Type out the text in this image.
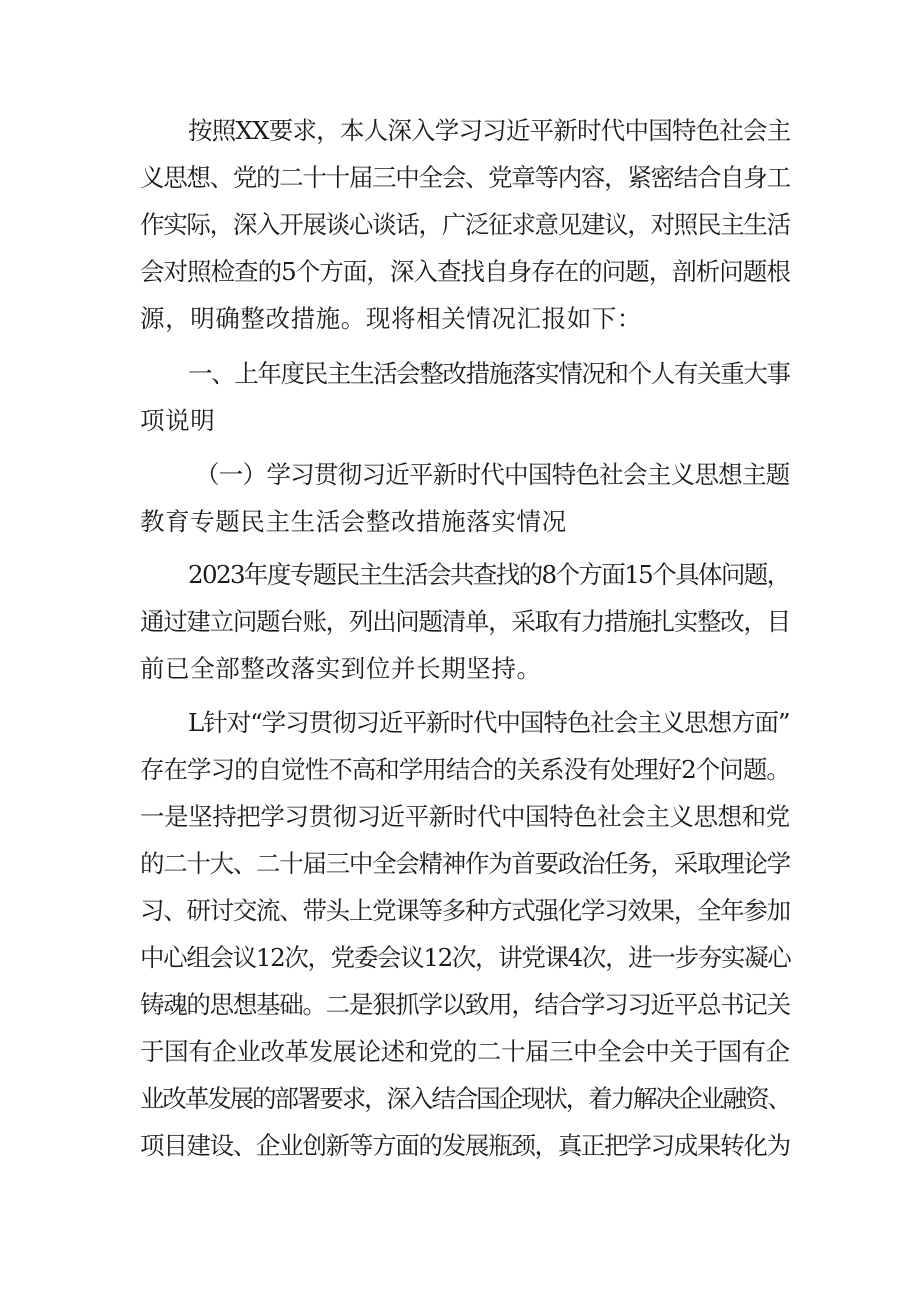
按照XX要求，本人深入学习习近平新时代中国特色社会主
义思想、党的二十十届三中全会、党章等内容，紧密结合自身工
作实际，深入开展谈心谈话，广泛征求意见建议，对照民主生活
会对照检查的5个方面，深入查找自身存在的问题，剖析问题根
源，明确整改措施。现将相关情况汇报如下：
一、上年度民主生活会整改措施落实情况和个人有关重大事
项说明
（一）学习贯彻习近平新时代中国特色社会主义思想主题
教育专题民主生活会整改措施落实情况
2023年度专题民主生活会共查找的8个方面15个具体问题，
通过建立问题台账，列出问题清单，采取有力措施扎实整改，目
前已全部整改落实到位并长期坚持。
L针对“学习贯彻习近平新时代中国特色社会主义思想方面”
存在学习的自觉性不高和学用结合的关系没有处理好2个问题。
一是坚持把学习贯彻习近平新时代中国特色社会主义思想和党
的二十大、二十届三中全会精神作为首要政治任务，采取理论学
习、研讨交流、带头上党课等多种方式强化学习效果，全年参加
中心组会议12次，党委会议12次，讲党课4次，进一步夯实凝心
铸魂的思想基础。二是狠抓学以致用，结合学习习近平总书记关
于国有企业改革发展论述和党的二十届三中全会中关于国有企
业改革发展的部署要求，深入结合国企现状，着力解决企业融资、
项目建设、企业创新等方面的发展瓶颈，真正把学习成果转化为
